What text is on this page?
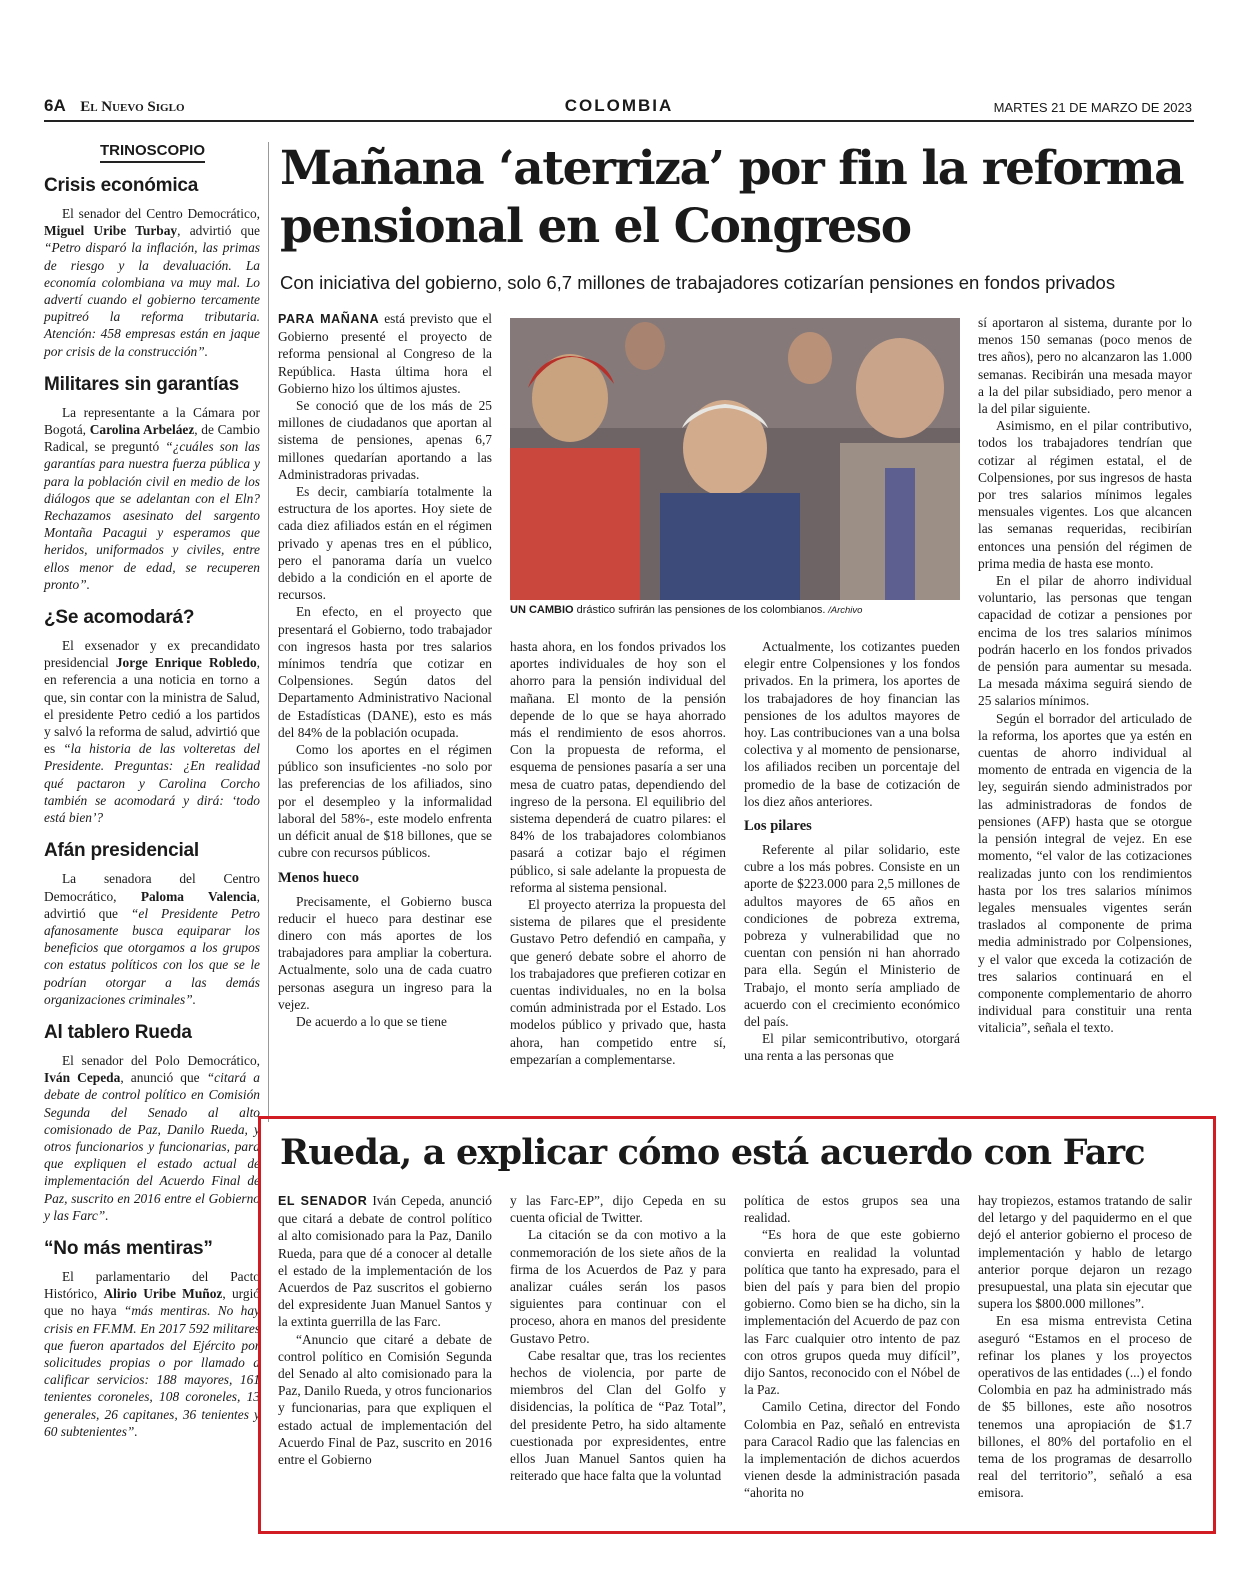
6A El Nuevo Siglo	COLOMBIA	MARTES 21 DE MARZO DE 2023
TRINOSCOPIO
Crisis económica

El senador del Centro Democrático, Miguel Uribe Turbay, advirtió que “Petro disparó la inflación, las primas de riesgo y la devaluación. La economía colombiana va muy mal. Lo advertí cuando el gobierno tercamente pupitreó la reforma tributaria. Atención: 458 empresas están en jaque por crisis de la construcción”.

Militares sin garantías

La representante a la Cámara por Bogotá, Carolina Arbeláez, de Cambio Radical, se preguntó “¿cuáles son las garantías para nuestra fuerza pública y para la población civil en medio de los diálogos que se adelantan con el Eln? Rechazamos asesinato del sargento Montaña Pacagui y esperamos que heridos, uniformados y civiles, entre ellos menor de edad, se recuperen pronto”.

¿Se acomodará?

El exsenador y ex precandidato presidencial Jorge Enrique Robledo, en referencia a una noticia en torno a que, sin contar con la ministra de Salud, el presidente Petro cedió a los partidos y salvó la reforma de salud, advirtió que es “la historia de las volteretas del Presidente. Preguntas: ¿En realidad qué pactaron y Carolina Corcho también se acomodará y dirá: ‘todo está bien’?

Afán presidencial

La senadora del Centro Democrático, Paloma Valencia, advirtió que “el Presidente Petro afanosamente busca equiparar los beneficios que otorgamos a los grupos con estatus políticos con los que se le podrían otorgar a las demás organizaciones criminales”.

Al tablero Rueda

El senador del Polo Democrático, Iván Cepeda, anunció que “citará a debate de control político en Comisión Segunda del Senado al alto comisionado de Paz, Danilo Rueda, y otros funcionarios y funcionarias, para que expliquen el estado actual de implementación del Acuerdo Final de Paz, suscrito en 2016 entre el Gobierno y las Farc”.

“No más mentiras”

El parlamentario del Pacto Histórico, Alirio Uribe Muñoz, urgió que no haya “más mentiras. No hay crisis en FF.MM. En 2017 592 militares que fueron apartados del Ejército por solicitudes propias o por llamado a calificar servicios: 188 mayores, 161 tenientes coroneles, 108 coroneles, 13 generales, 26 capitanes, 36 tenientes y 60 subtenientes”.

Mañana ‘aterriza’ por fin la reforma pensional en el Congreso
Con iniciativa del gobierno, solo 6,7 millones de trabajadores cotizarían pensiones en fondos privados

PARA MAÑANA está previsto que el Gobierno presenté el proyecto de reforma pensional al Congreso de la República. Hasta última hora el Gobierno hizo los últimos ajustes.

Se conoció que de los más de 25 millones de ciudadanos que aportan al sistema de pensiones, apenas 6,7 millones quedarían aportando a las Administradoras privadas.

Es decir, cambiaría totalmente la estructura de los aportes. Hoy siete de cada diez afiliados están en el régimen privado y apenas tres en el público, pero el panorama daría un vuelco debido a la condición en el aporte de recursos.

En efecto, en el proyecto que presentará el Gobierno, todo trabajador con ingresos hasta por tres salarios mínimos tendría que cotizar en Colpensiones. Según datos del Departamento Administrativo Nacional de Estadísticas (DANE), esto es más del 84% de la población ocupada.

Como los aportes en el régimen público son insuficientes -no solo por las preferencias de los afiliados, sino por el desempleo y la informalidad laboral del 58%-, este modelo enfrenta un déficit anual de $18 billones, que se cubre con recursos públicos.

Menos hueco

Precisamente, el Gobierno busca reducir el hueco para destinar ese dinero con más aportes de los trabajadores para ampliar la cobertura. Actualmente, solo una de cada cuatro personas asegura un ingreso para la vejez.

De acuerdo a lo que se tiene

UN CAMBIO drástico sufrirán las pensiones de los colombianos. /Archivo

hasta ahora, en los fondos privados los aportes individuales de hoy son el ahorro para la pensión individual del mañana. El monto de la pensión depende de lo que se haya ahorrado más el rendimiento de esos ahorros. Con la propuesta de reforma, el esquema de pensiones pasaría a ser una mesa de cuatro patas, dependiendo del ingreso de la persona. El equilibrio del sistema dependerá de cuatro pilares: el 84% de los trabajadores colombianos pasará a cotizar bajo el régimen público, si sale adelante la propuesta de reforma al sistema pensional.

El proyecto aterriza la propuesta del sistema de pilares que el presidente Gustavo Petro defendió en campaña, y que generó debate sobre el ahorro de los trabajadores que prefieren cotizar en cuentas individuales, no en la bolsa común administrada por el Estado. Los modelos público y privado que, hasta ahora, han competido entre sí, empezarían a complementarse.

Actualmente, los cotizantes pueden elegir entre Colpensiones y los fondos privados. En la primera, los aportes de los trabajadores de hoy financian las pensiones de los adultos mayores de hoy. Las contribuciones van a una bolsa colectiva y al momento de pensionarse, los afiliados reciben un porcentaje del promedio de la base de cotización de los diez años anteriores.

Los pilares

Referente al pilar solidario, este cubre a los más pobres. Consiste en un aporte de $223.000 para 2,5 millones de adultos mayores de 65 años en condiciones de pobreza extrema, pobreza y vulnerabilidad que no cuentan con pensión ni han ahorrado para ella. Según el Ministerio de Trabajo, el monto sería ampliado de acuerdo con el crecimiento económico del país.

El pilar semicontributivo, otorgará una renta a las personas que

sí aportaron al sistema, durante por lo menos 150 semanas (poco menos de tres años), pero no alcanzaron las 1.000 semanas. Recibirán una mesada mayor a la del pilar subsidiado, pero menor a la del pilar siguiente.

Asimismo, en el pilar contributivo, todos los trabajadores tendrían que cotizar al régimen estatal, el de Colpensiones, por sus ingresos de hasta por tres salarios mínimos legales mensuales vigentes. Los que alcancen las semanas requeridas, recibirían entonces una pensión del régimen de prima media de hasta ese monto.

En el pilar de ahorro individual voluntario, las personas que tengan capacidad de cotizar a pensiones por encima de los tres salarios mínimos podrán hacerlo en los fondos privados de pensión para aumentar su mesada. La mesada máxima seguirá siendo de 25 salarios mínimos.

Según el borrador del articulado de la reforma, los aportes que ya estén en cuentas de ahorro individual al momento de entrada en vigencia de la ley, seguirán siendo administrados por las administradoras de fondos de pensiones (AFP) hasta que se otorgue la pensión integral de vejez. En ese momento, “el valor de las cotizaciones realizadas junto con los rendimientos hasta por los tres salarios mínimos legales mensuales vigentes serán traslados al componente de prima media administrado por Colpensiones, y el valor que exceda la cotización de tres salarios continuará en el componente complementario de ahorro individual para constituir una renta vitalicia”, señala el texto.

Rueda, a explicar cómo está acuerdo con Farc

EL SENADOR Iván Cepeda, anunció que citará a debate de control político al alto comisionado para la Paz, Danilo Rueda, para que dé a conocer al detalle el estado de la implementación de los Acuerdos de Paz suscritos el gobierno del expresidente Juan Manuel Santos y la extinta guerrilla de las Farc.

“Anuncio que citaré a debate de control político en Comisión Segunda del Senado al alto comisionado para la Paz, Danilo Rueda, y otros funcionarios y funcionarias, para que expliquen el estado actual de implementación del Acuerdo Final de Paz, suscrito en 2016 entre el Gobierno

y las Farc-EP”, dijo Cepeda en su cuenta oficial de Twitter.

La citación se da con motivo a la conmemoración de los siete años de la firma de los Acuerdos de Paz y para analizar cuáles serán los pasos siguientes para continuar con el proceso, ahora en manos del presidente Gustavo Petro.

Cabe resaltar que, tras los recientes hechos de violencia, por parte de miembros del Clan del Golfo y disidencias, la política de “Paz Total”, del presidente Petro, ha sido altamente cuestionada por expresidentes, entre ellos Juan Manuel Santos quien ha reiterado que hace falta que la voluntad

política de estos grupos sea una realidad.

“Es hora de que este gobierno convierta en realidad la voluntad política que tanto ha expresado, para el bien del país y para bien del propio gobierno. Como bien se ha dicho, sin la implementación del Acuerdo de paz con las Farc cualquier otro intento de paz con otros grupos queda muy difícil”, dijo Santos, reconocido con el Nóbel de la Paz.

Camilo Cetina, director del Fondo Colombia en Paz, señaló en entrevista para Caracol Radio que las falencias en la implementación de dichos acuerdos vienen desde la administración pasada “ahorita no

hay tropiezos, estamos tratando de salir del letargo y del paquidermo en el que dejó el anterior gobierno el proceso de implementación y hablo de letargo anterior porque dejaron un rezago presupuestal, una plata sin ejecutar que supera los $800.000 millones”.

En esa misma entrevista Cetina aseguró “Estamos en el proceso de refinar los planes y los proyectos operativos de las entidades (...) el fondo Colombia en paz ha administrado más de $5 billones, este año nosotros tenemos una apropiación de $1.7 billones, el 80% del portafolio en el tema de los programas de desarrollo real del territorio”, señaló a esa emisora.
